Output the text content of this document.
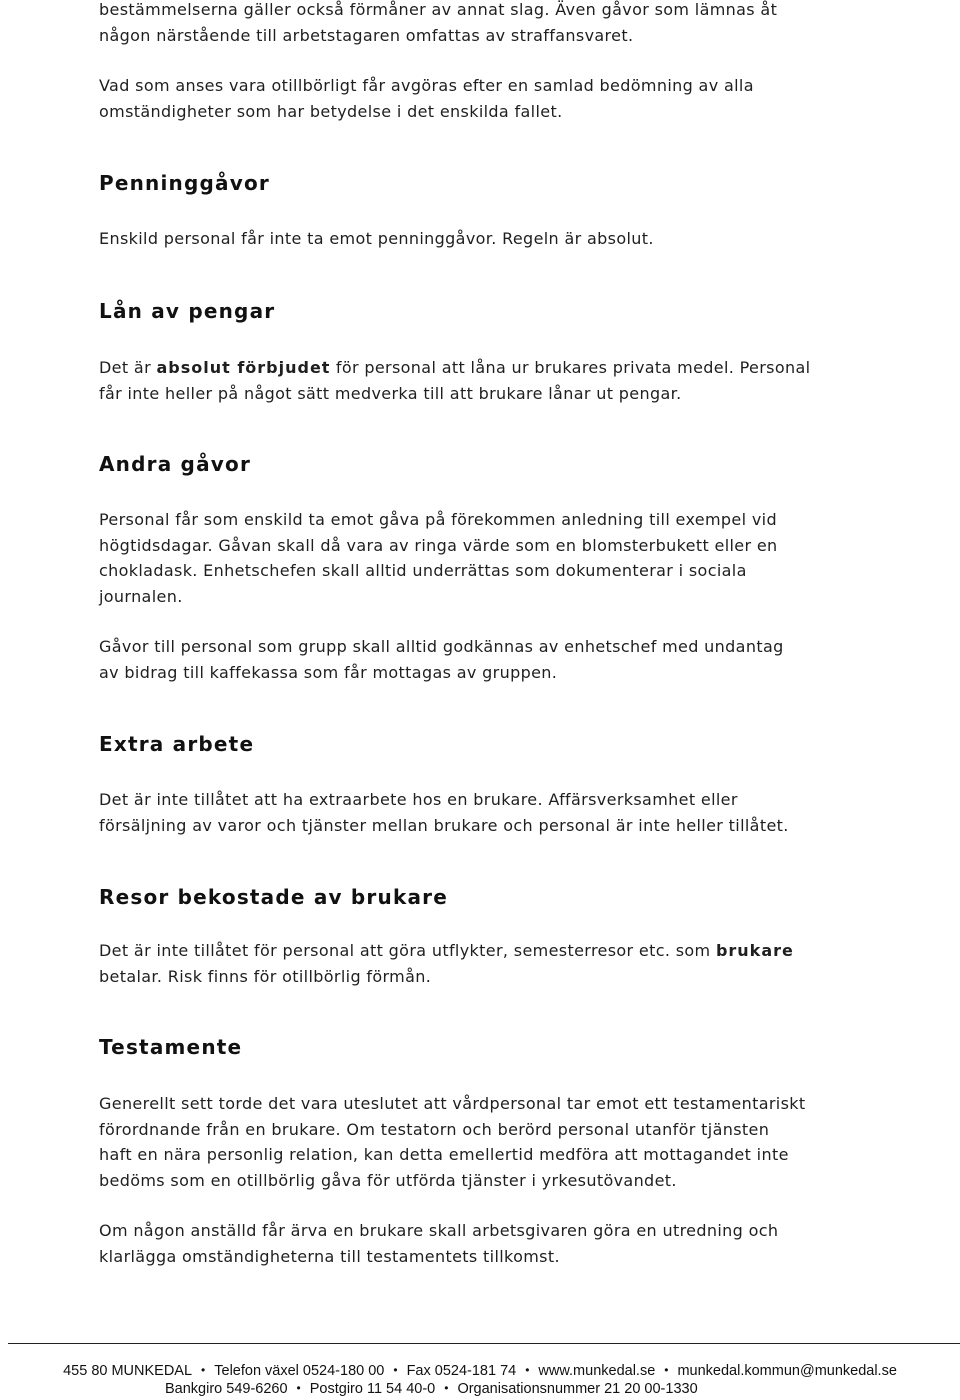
bestämmelserna gäller också förmåner av annat slag. Även gåvor som lämnas åt
någon närstående till arbetstagaren omfattas av straffansvaret.

Vad som anses vara otillbörligt får avgöras efter en samlad bedömning av alla
omständigheter som har betydelse i det enskilda fallet.

Penninggåvor

Enskild personal får inte ta emot penninggåvor. Regeln är absolut.

Lån av pengar

Det är absolut förbjudet för personal att låna ur brukares privata medel. Personal
får inte heller på något sätt medverka till att brukare lånar ut pengar.

Andra gåvor

Personal får som enskild ta emot gåva på förekommen anledning till exempel vid
högtidsdagar. Gåvan skall då vara av ringa värde som en blomsterbukett eller en
chokladask. Enhetschefen skall alltid underrättas som dokumenterar i sociala
journalen.

Gåvor till personal som grupp skall alltid godkännas av enhetschef med undantag
av bidrag till kaffekassa som får mottagas av gruppen.

Extra arbete

Det är inte tillåtet att ha extraarbete hos en brukare. Affärsverksamhet eller
försäljning av varor och tjänster mellan brukare och personal är inte heller tillåtet.

Resor bekostade av brukare

Det är inte tillåtet för personal att göra utflykter, semesterresor etc. som brukare
betalar. Risk finns för otillbörlig förmån.

Testamente

Generellt sett torde det vara uteslutet att vårdpersonal tar emot ett testamentariskt
förordnande från en brukare. Om testatorn och berörd personal utanför tjänsten
haft en nära personlig relation, kan detta emellertid medföra att mottagandet inte
bedöms som en otillbörlig gåva för utförda tjänster i yrkesutövandet.

Om någon anställd får ärva en brukare skall arbetsgivaren göra en utredning och
klarlägga omständigheterna till testamentets tillkomst.

455 80 MUNKEDAL • Telefon växel 0524-180 00 • Fax 0524-181 74 • www.munkedal.se • munkedal.kommun@munkedal.se
Bankgiro 549-6260 • Postgiro 11 54 40-0 • Organisationsnummer 21 20 00-1330
